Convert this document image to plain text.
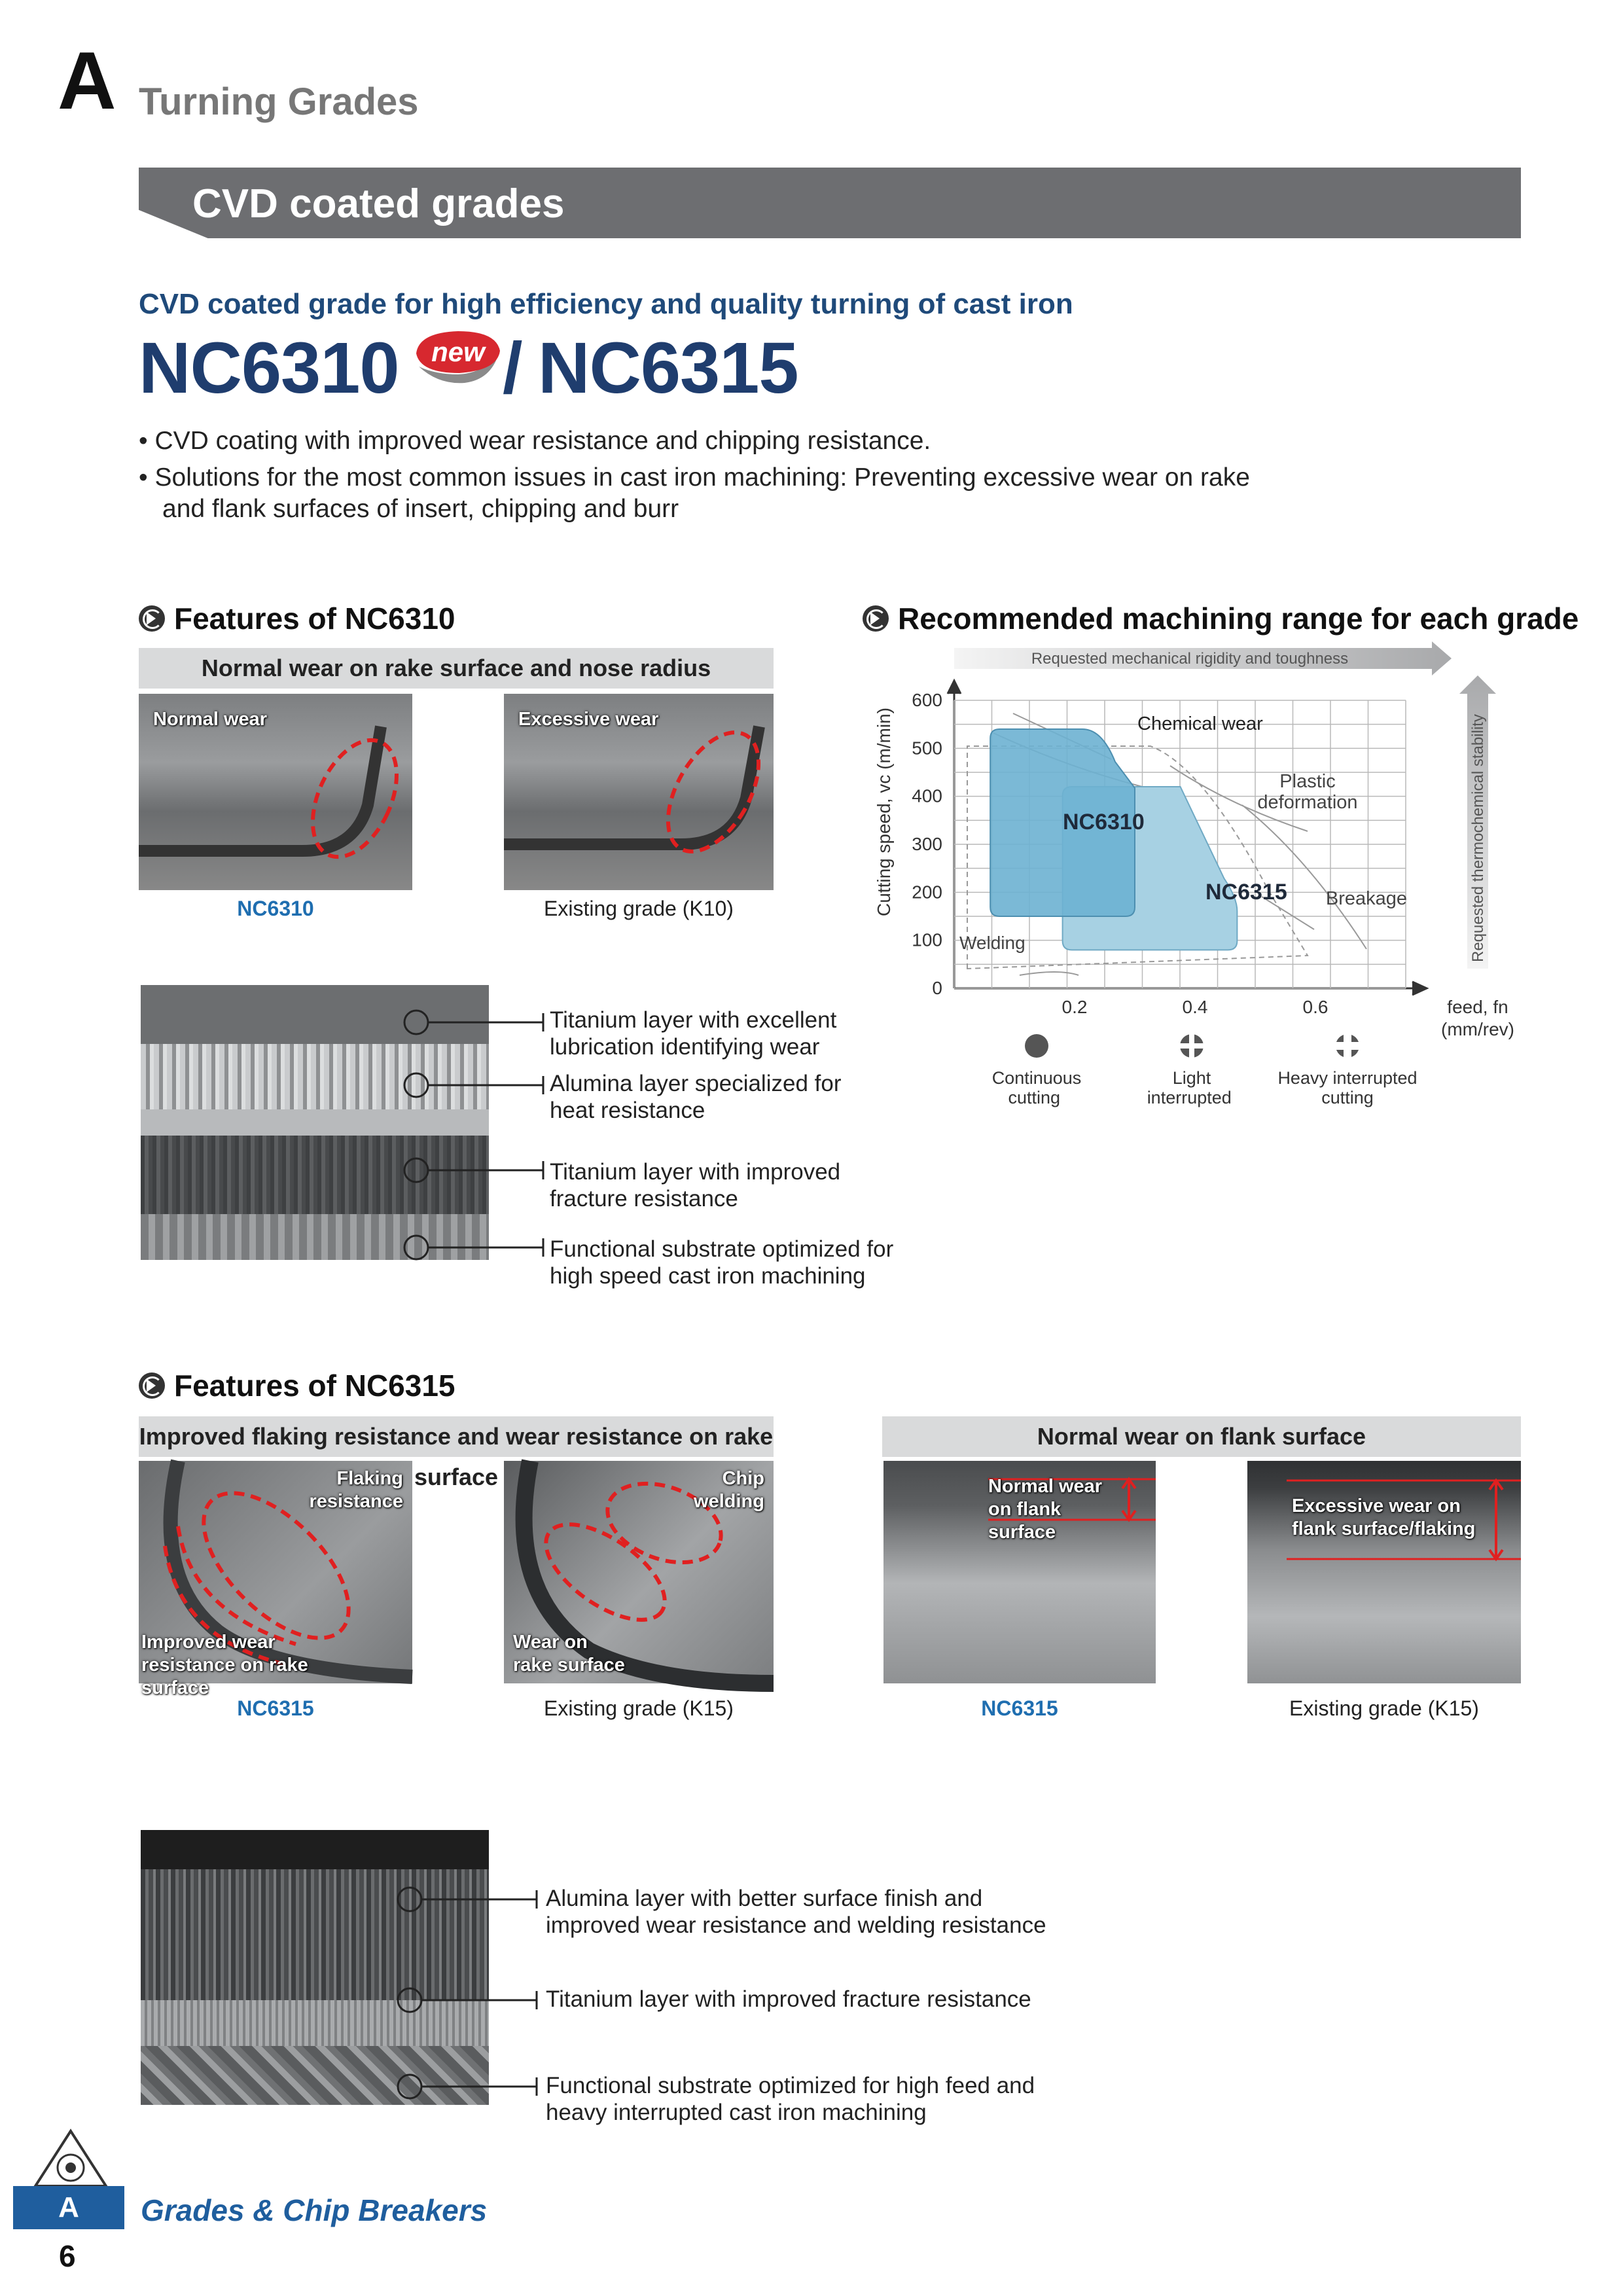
A Turning Grades
CVD coated grades
CVD coated grade for high efficiency and quality turning of cast iron
NC6310 new / NC6315
• CVD coating with improved wear resistance and chipping resistance.
• Solutions for the most common issues in cast iron machining: Preventing excessive wear on rake and flank surfaces of insert, chipping and burr
Features of NC6310
Normal wear on rake surface and nose radius
Normal wear	Excessive wear
NC6310	Existing grade (K10)
Titanium layer with excellent lubrication identifying wear
Alumina layer specialized for heat resistance
Titanium layer with improved fracture resistance
Functional substrate optimized for high speed cast iron machining
Recommended machining range for each grade
Requested mechanical rigidity and toughness
Requested thermochemical stability
NC6310
NC6315
Chemical wear
Plastic deformation
Breakage
Welding
600
500
400
300
200
100
0
0.2	0.4	0.6
Cutting speed, vc (m/min)
feed, fn (mm/rev)
Continuous cutting Light interrupted Heavy interrupted cutting
Features of NC6315
Improved flaking resistance and wear resistance on rake surface
Normal wear on flank surface
Flaking resistance
Improved wear resistance on rake surface
Chip welding
Wear on rake surface
Normal wear on flank surface
Excessive wear on flank surface/flaking
NC6315	Existing grade (K15)	NC6315	Existing grade (K15)
Alumina layer with better surface finish and improved wear resistance and welding resistance
Titanium layer with improved fracture resistance
Functional substrate optimized for high feed and heavy interrupted cast iron machining
A
6
Grades & Chip Breakers
